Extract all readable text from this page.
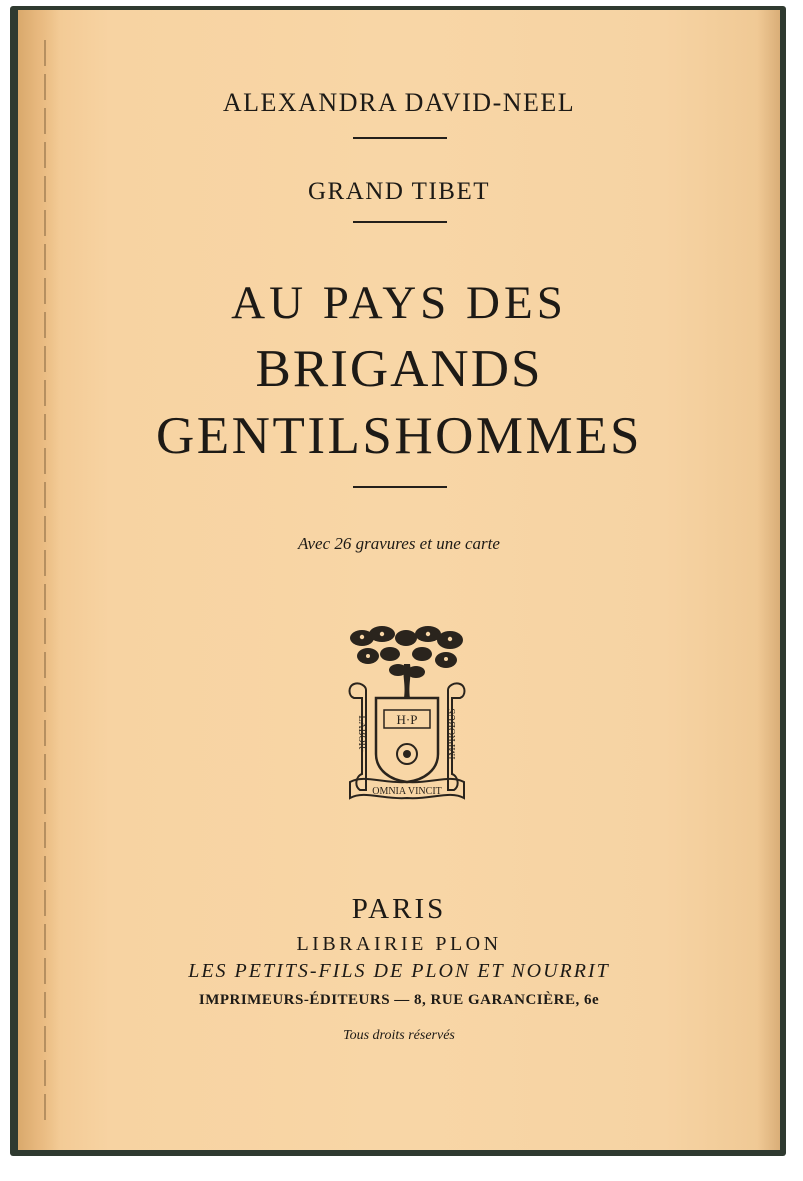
ALEXANDRA DAVID-NEEL
GRAND TIBET
AU PAYS DES
BRIGANDS
GENTILSHOMMES
Avec 26 gravures et une carte
H·P
LABOR·	IMPROBUS
OMNIA VINCIT
PARIS
LIBRAIRIE PLON
LES PETITS-FILS DE PLON ET NOURRIT
IMPRIMEURS-ÉDITEURS — 8, RUE GARANCIÈRE, 6e
Tous droits réservés
